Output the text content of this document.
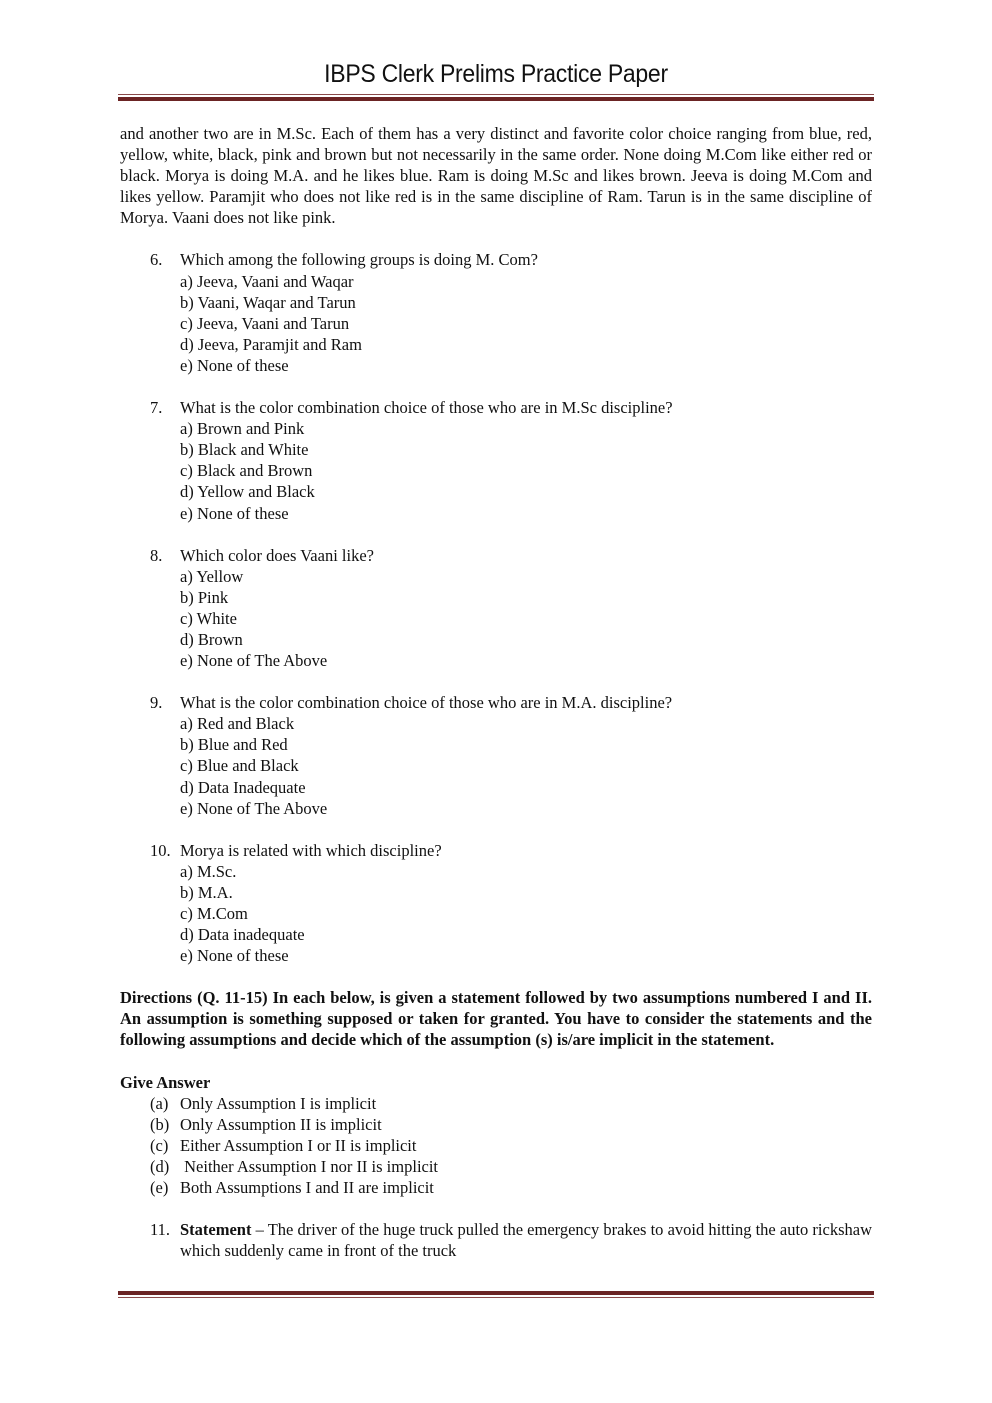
IBPS Clerk Prelims Practice Paper

and another two are in M.Sc. Each of them has a very distinct and favorite color choice ranging from blue, red, yellow, white, black, pink and brown but not necessarily in the same order. None doing M.Com like either red or black. Morya is doing M.A. and he likes blue. Ram is doing M.Sc and likes brown. Jeeva is doing M.Com and likes yellow. Paramjit who does not like red is in the same discipline of Ram. Tarun is in the same discipline of Morya. Vaani does not like pink.

6.	Which among the following groups is doing M. Com?
a) Jeeva, Vaani and Waqar
b) Vaani, Waqar and Tarun
c) Jeeva, Vaani and Tarun
d) Jeeva, Paramjit and Ram
e) None of these
7.	What is the color combination choice of those who are in M.Sc discipline?
a) Brown and Pink
b) Black and White
c) Black and Brown
d) Yellow and Black
e) None of these
8.	Which color does Vaani like?
a) Yellow
b) Pink
c) White
d) Brown
e) None of The Above
9.	What is the color combination choice of those who are in M.A. discipline?
a) Red and Black
b) Blue and Red
c) Blue and Black
d) Data Inadequate
e) None of The Above
10. Morya is related with which discipline?
a) M.Sc.
b) M.A.
c) M.Com
d) Data inadequate
e) None of these

Directions (Q. 11-15) In each below, is given a statement followed by two assumptions numbered I and II. An assumption is something supposed or taken for granted. You have to consider the statements and the following assumptions and decide which of the assumption (s) is/are implicit in the statement.

Give Answer
(a) Only Assumption I is implicit
(b) Only Assumption II is implicit
(c) Either Assumption I or II is implicit
(d) Neither Assumption I nor II is implicit
(e) Both Assumptions I and II are implicit
11. Statement – The driver of the huge truck pulled the emergency brakes to avoid hitting the auto rickshaw which suddenly came in front of the truck
